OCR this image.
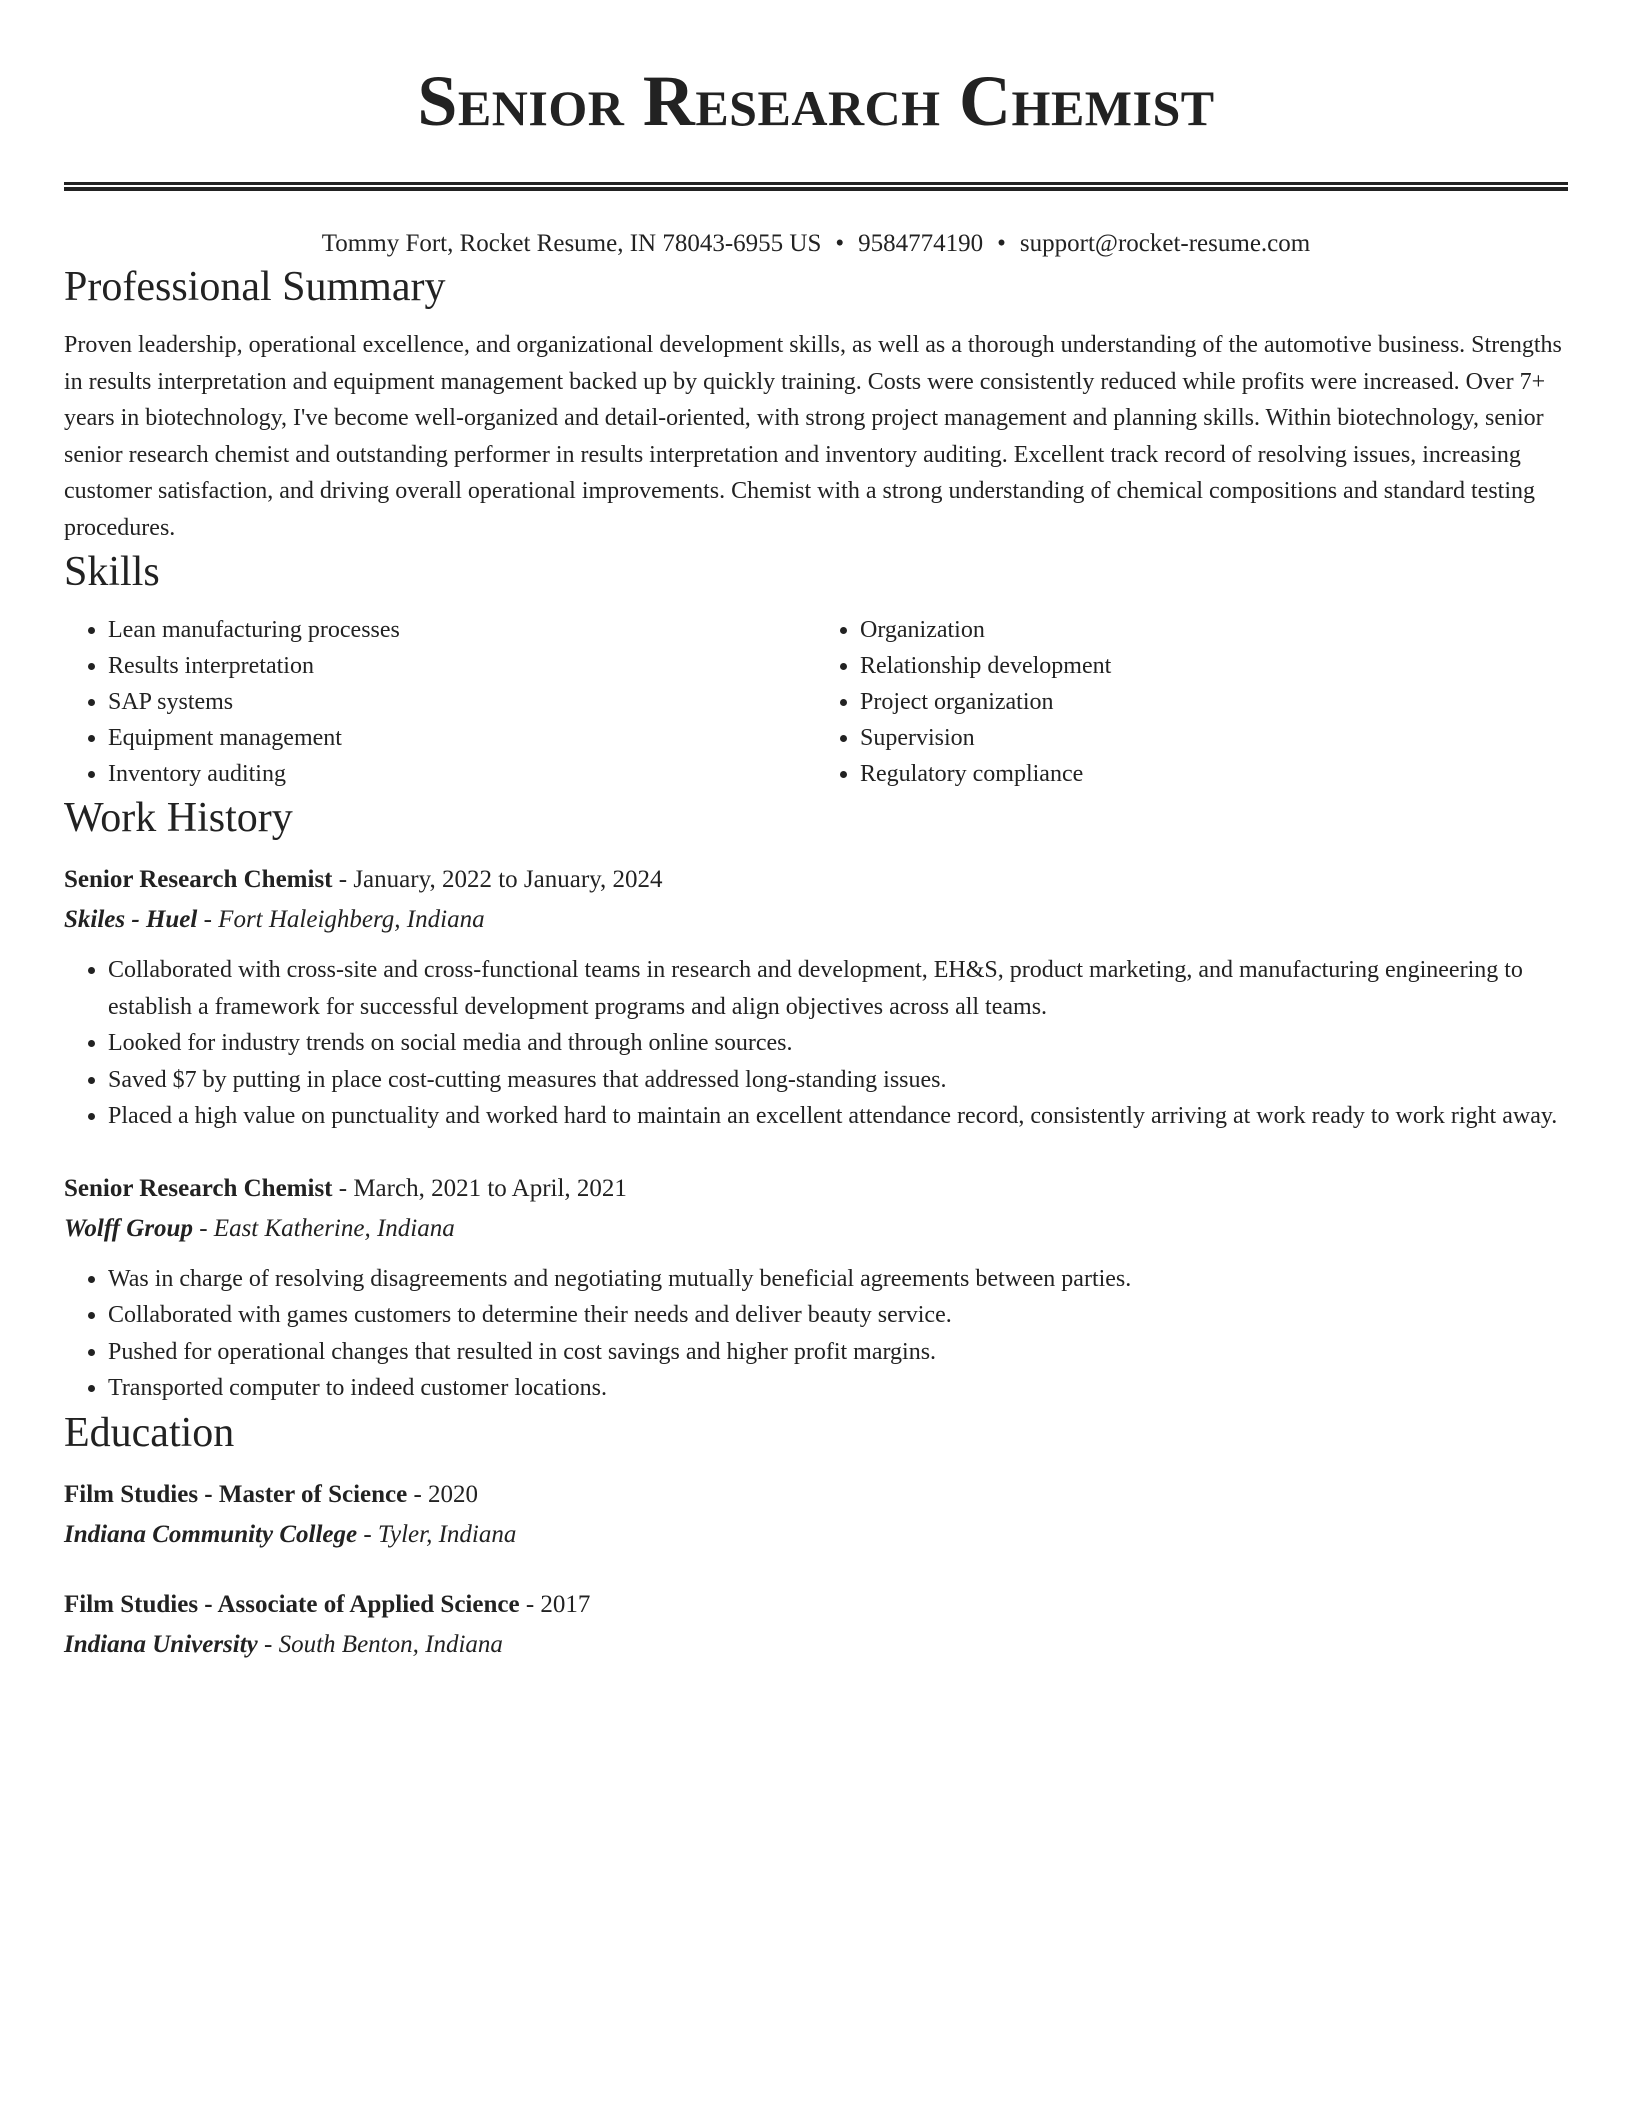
Senior Research Chemist
Tommy Fort, Rocket Resume, IN 78043-6955 US • 9584774190 • support@rocket-resume.com
Professional Summary
Proven leadership, operational excellence, and organizational development skills, as well as a thorough understanding of the automotive business. Strengths in results interpretation and equipment management backed up by quickly training. Costs were consistently reduced while profits were increased. Over 7+ years in biotechnology, I've become well-organized and detail-oriented, with strong project management and planning skills. Within biotechnology, senior senior research chemist and outstanding performer in results interpretation and inventory auditing. Excellent track record of resolving issues, increasing customer satisfaction, and driving overall operational improvements. Chemist with a strong understanding of chemical compositions and standard testing procedures.
Skills
• Lean manufacturing processes
• Results interpretation
• SAP systems
• Equipment management
• Inventory auditing
• Organization
• Relationship development
• Project organization
• Supervision
• Regulatory compliance
Work History
Senior Research Chemist - January, 2022 to January, 2024
Skiles - Huel - Fort Haleighberg, Indiana
• Collaborated with cross-site and cross-functional teams in research and development, EH&S, product marketing, and manufacturing engineering to establish a framework for successful development programs and align objectives across all teams.
• Looked for industry trends on social media and through online sources.
• Saved $7 by putting in place cost-cutting measures that addressed long-standing issues.
• Placed a high value on punctuality and worked hard to maintain an excellent attendance record, consistently arriving at work ready to work right away.
Senior Research Chemist - March, 2021 to April, 2021
Wolff Group - East Katherine, Indiana
• Was in charge of resolving disagreements and negotiating mutually beneficial agreements between parties.
• Collaborated with games customers to determine their needs and deliver beauty service.
• Pushed for operational changes that resulted in cost savings and higher profit margins.
• Transported computer to indeed customer locations.
Education
Film Studies - Master of Science - 2020
Indiana Community College - Tyler, Indiana
Film Studies - Associate of Applied Science - 2017
Indiana University - South Benton, Indiana
